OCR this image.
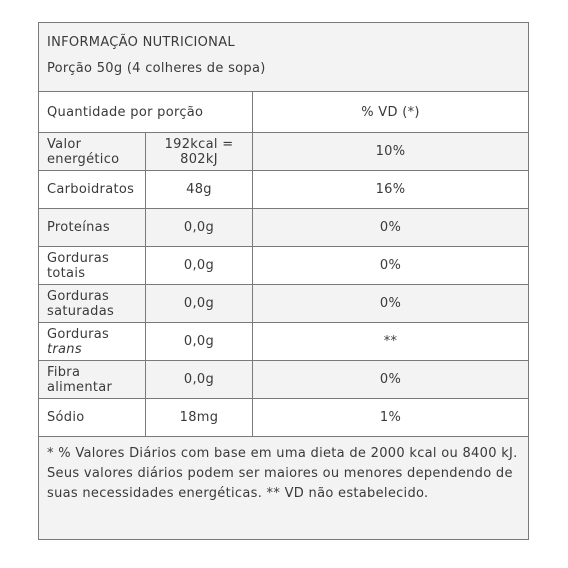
INFORMAÇÃO NUTRICIONAL
Porção 50g (4 colheres de sopa)
Quantidade por porção		% VD (*)
Valor energético	192kcal = 802kJ	10%
Carboidratos	48g	16%
Proteínas	0,0g	0%
Gorduras totais	0,0g	0%
Gorduras saturadas	0,0g	0%
Gorduras trans	0,0g	**
Fibra alimentar	0,0g	0%
Sódio	18mg	1%
* % Valores Diários com base em uma dieta de 2000 kcal ou 8400 kJ. Seus valores diários podem ser maiores ou menores dependendo de suas necessidades energéticas. ** VD não estabelecido.
